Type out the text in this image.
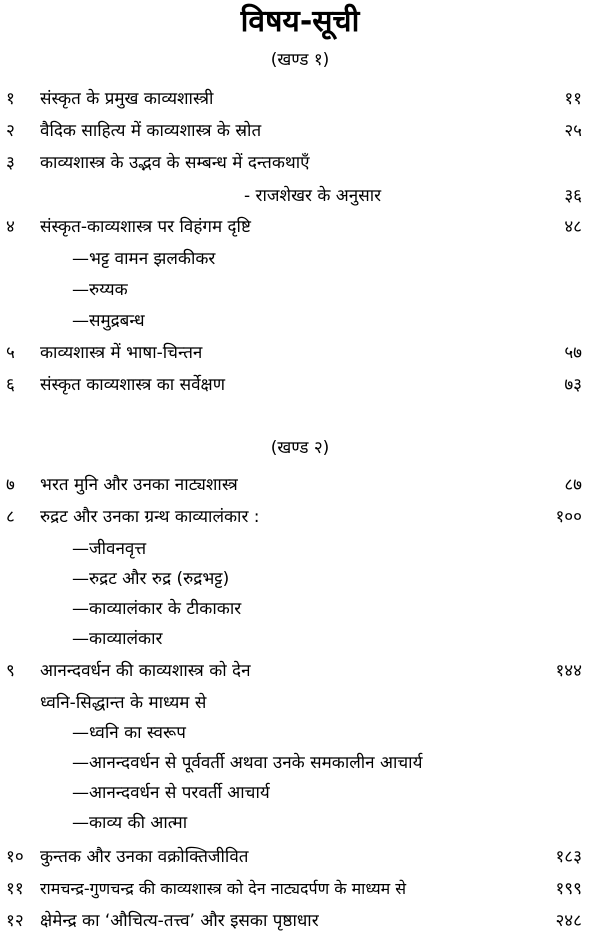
विषय-सूची
(खण्ड १)
१ संस्कृत के प्रमुख काव्यशास्त्री	११
२ वैदिक साहित्य में काव्यशास्त्र के स्रोत	२५
३ काव्यशास्त्र के उद्भव के सम्बन्ध में दन्तकथाएँ
- राजशेखर के अनुसार	३६
४ संस्कृत-काव्यशास्त्र पर विहंगम दृष्टि	४८
—भट्ट वामन झलकीकर
—रुय्यक
—समुद्रबन्ध
५ काव्यशास्त्र में भाषा-चिन्तन	५७
६ संस्कृत काव्यशास्त्र का सर्वेक्षण	७३
(खण्ड २)
७ भरत मुनि और उनका नाट्यशास्त्र	८७
८ रुद्रट और उनका ग्रन्थ काव्यालंकार :	१००
—जीवनवृत्त
—रुद्रट और रुद्र (रुद्रभट्ट)
—काव्यालंकार के टीकाकार
—काव्यालंकार
९ आनन्दवर्धन की काव्यशास्त्र को देन	१४४
ध्वनि-सिद्धान्त के माध्यम से
—ध्वनि का स्वरूप
—आनन्दवर्धन से पूर्ववर्ती अथवा उनके समकालीन आचार्य
—आनन्दवर्धन से परवर्ती आचार्य
—काव्य की आत्मा
१० कुन्तक और उनका वक्रोक्तिजीवित	१८३
११ रामचन्द्र-गुणचन्द्र की काव्यशास्त्र को देन नाट्यदर्पण के माध्यम से	१९९
१२ क्षेमेन्द्र का ‘औचित्य-तत्त्व’ और इसका पृष्ठाधार	२४८
